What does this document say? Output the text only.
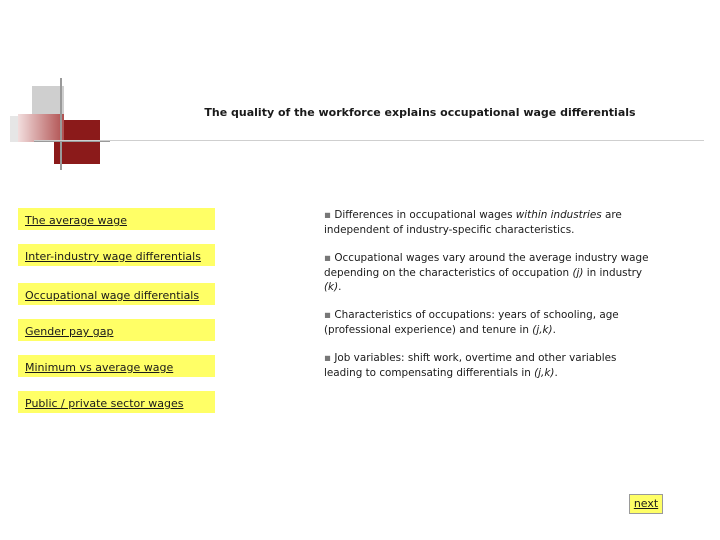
The quality of the workforce explains occupational wage differentials
The average wage
Inter-industry wage differentials
Occupational wage differentials
Gender pay gap
Minimum vs average wage
Public / private sector wages
▪ Differences in occupational wages within industries are independent of industry-specific characteristics.
▪ Occupational wages vary around the average industry wage depending on the characteristics of occupation (j) in industry (k).
▪ Characteristics of occupations: years of schooling, age (professional experience) and tenure in (j,k).
▪ Job variables: shift work, overtime and other variables leading to compensating differentials in (j,k).
next
